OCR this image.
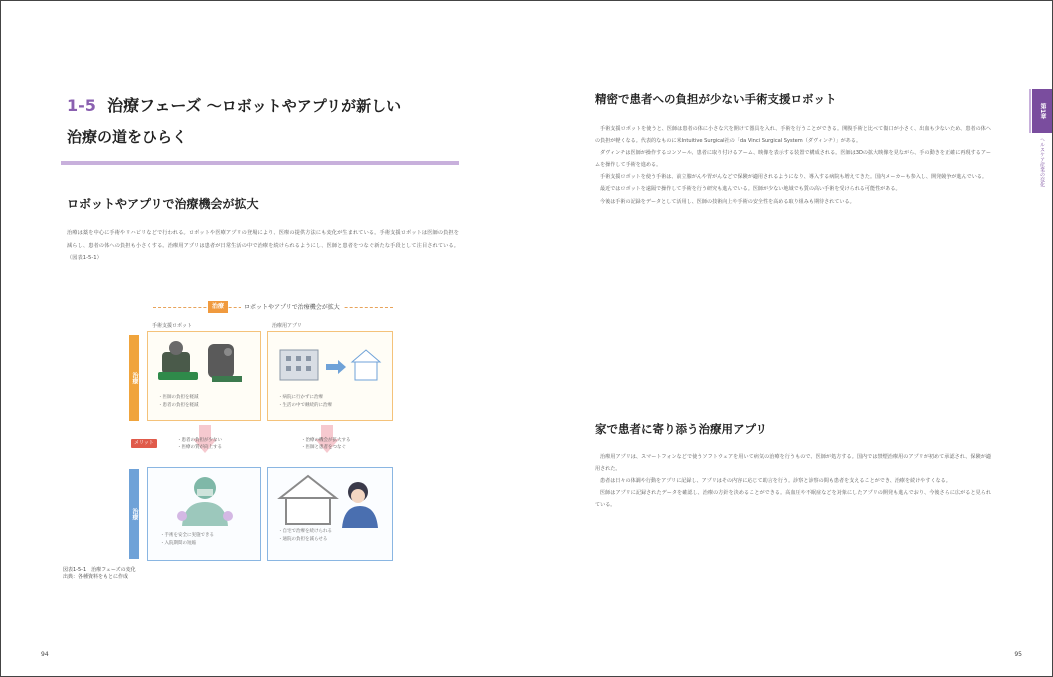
1-5 治療フェーズ ～ロボットやアプリが新しい
治療の道をひらく
ロボットやアプリで治療機会が拡大
治療は薬を中心に手術やリハビリなどで行われる。ロボットや医療アプリの登場により、医療の提供方法にも変化が生まれている。手術支援ロボットは医師の負担を減らし、患者の体への負担も小さくする。治療用アプリは患者が日常生活の中で治療を続けられるようにし、医師と患者をつなぐ新たな手段として注目されている。（図表1-5-1）
治療	ロボットやアプリで治療機会が拡大
治療
治療
手術支援ロボット
・医師の負担を軽減
・患者の負担を軽減
治療用アプリ
・病院に行かずに治療
・生活の中で継続的に治療
メリット	・患者の負担が少ない
・医療の質が向上する
・治療の機会が拡大する
・医師と患者をつなぐ
・手術を安全に実施できる
・入院期間の短縮
・自宅で治療を続けられる
・通院の負担を減らせる
図表1-5-1　治療フェーズの変化
出典：各種資料をもとに作成
94
精密で患者への負担が少ない手術支援ロボット
手術支援ロボットを使うと、医師は患者の体に小さな穴を開けて器具を入れ、手術を行うことができる。開腹手術と比べて傷口が小さく、出血も少ないため、患者の体への負担が軽くなる。代表的なものに米Intuitive Surgical社の「da Vinci Surgical System（ダヴィンチ）」がある。
ダヴィンチは医師が操作するコンソール、患者に取り付けるアーム、映像を表示する装置で構成される。医師は3Dの拡大映像を見ながら、手の動きを正確に再現するアームを操作して手術を進める。
手術支援ロボットを使う手術は、前立腺がんや胃がんなどで保険が適用されるようになり、導入する病院も増えてきた。国内メーカーも参入し、開発競争が進んでいる。
最近ではロボットを遠隔で操作して手術を行う研究も進んでいる。医師が少ない地域でも質の高い手術を受けられる可能性がある。
今後は手術の記録をデータとして活用し、医師の技術向上や手術の安全性を高める取り組みも期待されている。
家で患者に寄り添う治療用アプリ
治療用アプリは、スマートフォンなどで使うソフトウェアを用いて病気の治療を行うもので、医師が処方する。国内では禁煙治療用のアプリが初めて承認され、保険が適用された。
患者は日々の体調や行動をアプリに記録し、アプリはその内容に応じて助言を行う。診察と診察の間も患者を支えることができ、治療を続けやすくなる。
医師はアプリに記録されたデータを確認し、治療の方針を決めることができる。高血圧や不眠症などを対象にしたアプリの開発も進んでおり、今後さらに広がると見られている。
第1章
ヘルスケア産業の変化
95
